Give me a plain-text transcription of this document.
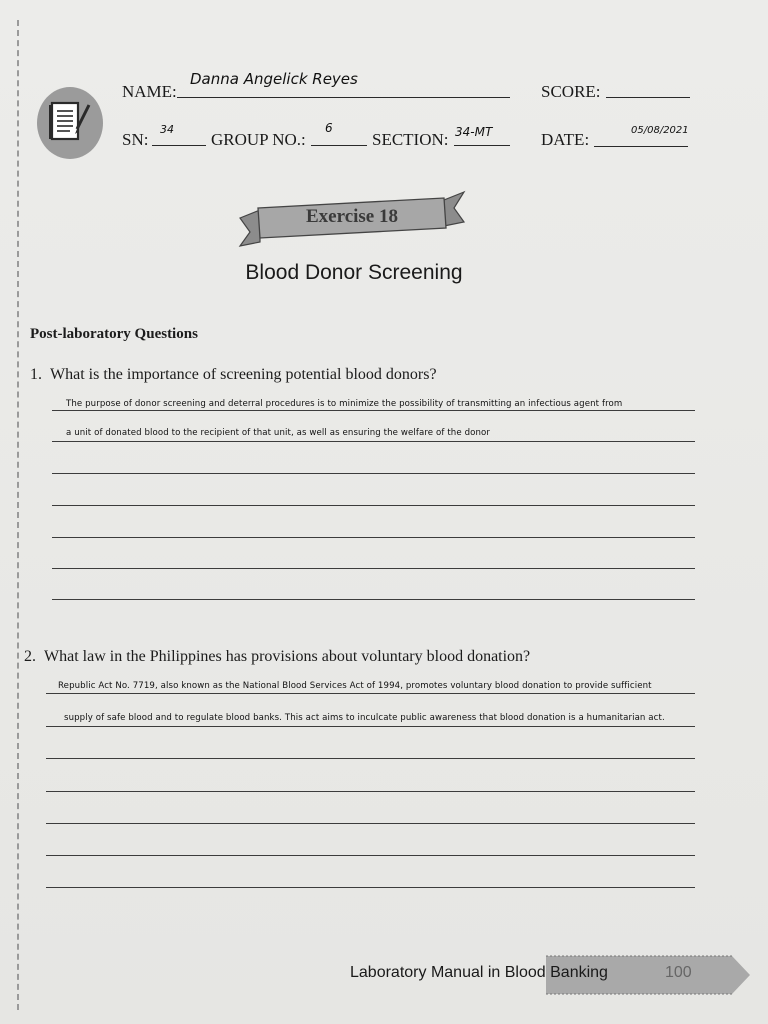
NAME:
Danna Angelick Reyes
SCORE:
SN:
34
GROUP NO.:
6
SECTION: 34-MT	DATE:	05/08/2021
Exercise 18
Blood Donor Screening
Post-laboratory Questions
1. What is the importance of screening potential blood donors?
The purpose of donor screening and deterral procedures is to minimize the possibility of transmitting an infectious agent from
a unit of donated blood to the recipient of that unit, as well as ensuring the welfare of the donor
2. What law in the Philippines has provisions about voluntary blood donation?
Republic Act No. 7719, also known as the National Blood Services Act of 1994, promotes voluntary blood donation to provide sufficient
supply of safe blood and to regulate blood banks. This act aims to inculcate public awareness that blood donation is a humanitarian act.
Laboratory Manual in Blood Banking	100
